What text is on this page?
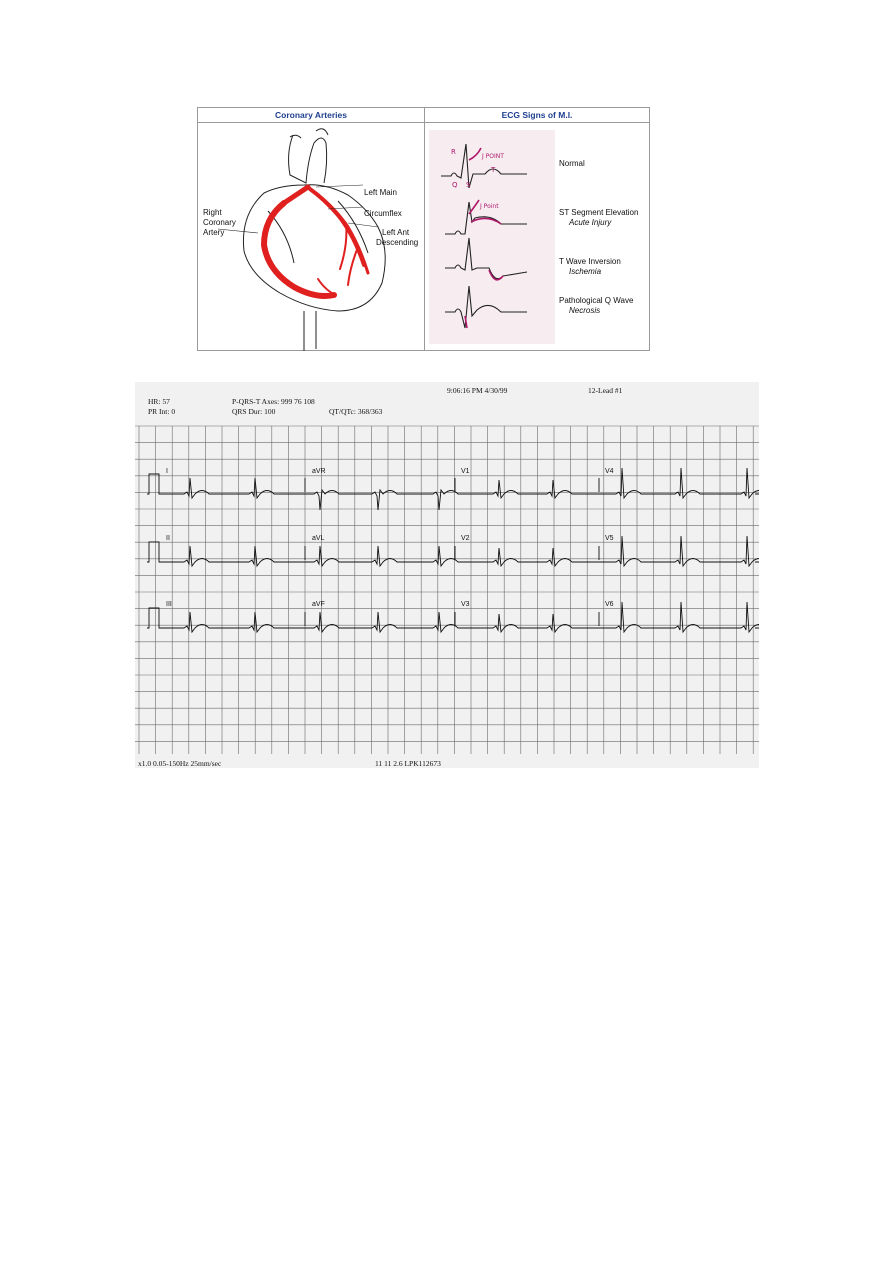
Coronary Arteries	ECG Signs of M.I.
Left Main
Circumflex
Right
Coronary
Artery	Left Ant
Descending
R
J POINT
T
Q S
J Point
Normal
ST Segment Elevation
Acute Injury
T Wave Inversion
Ischemia
Pathological Q Wave
Necrosis
9:06:16 PM 4/30/99	12-Lead #1
HR: 57	P-QRS-T Axes: 999 76 108
PR Int: 0	QRS Dur: 100	QT/QTc: 368/363
I	aVR	V1	V4
II	aVL	V2	V5
III	aVF	V3	V6
x1.0 0.05-150Hz 25mm/sec	11 11 2.6 LPK112673
